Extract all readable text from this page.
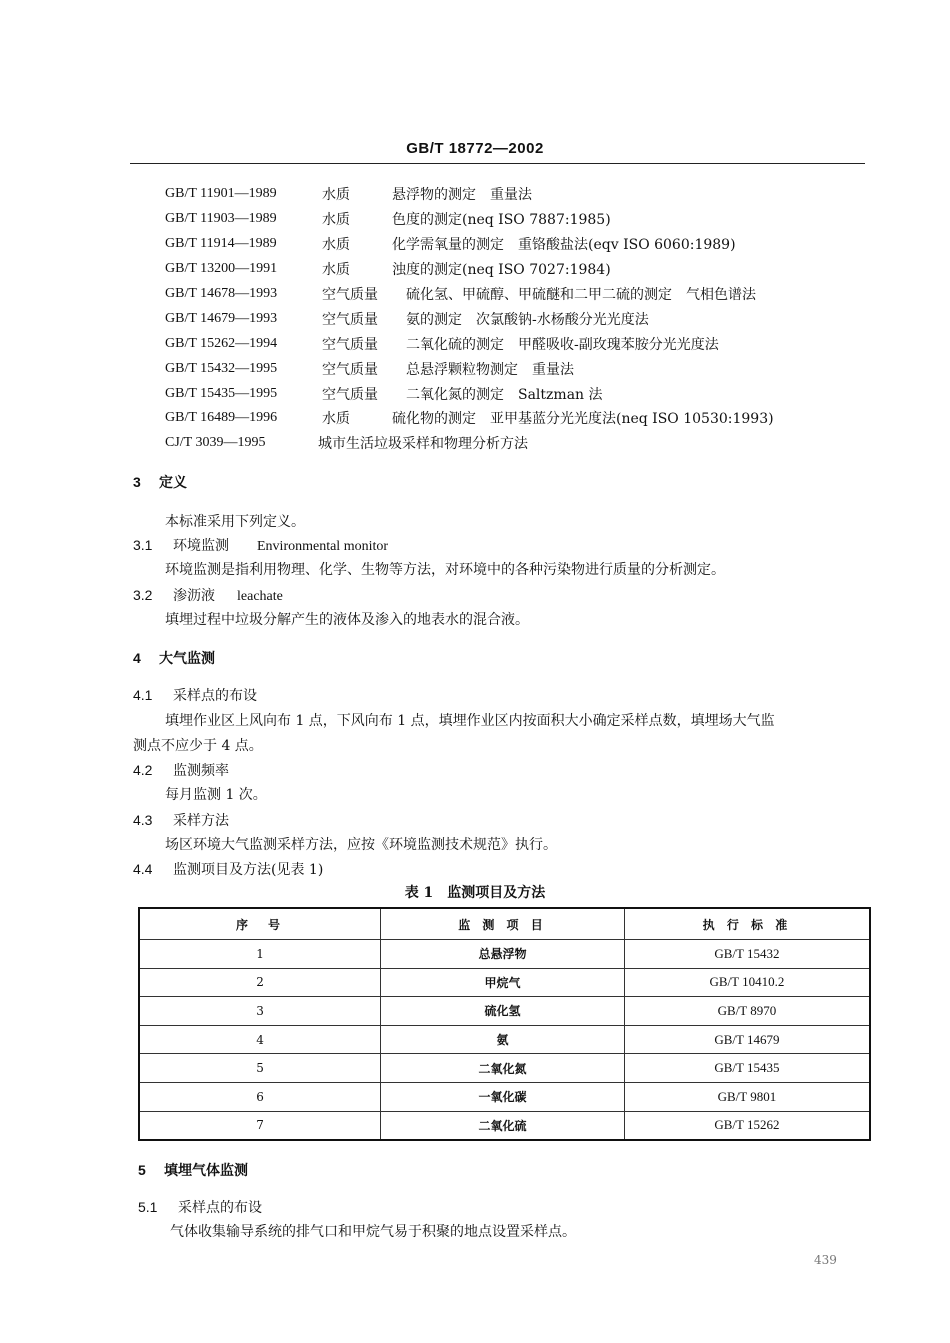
GB/T 18772—2002
GB/T 11901—1989	水质	悬浮物的测定　重量法
GB/T 11903—1989	水质	色度的测定(neq ISO 7887:1985)
GB/T 11914—1989	水质	化学需氧量的测定　重铬酸盐法(eqv ISO 6060:1989)
GB/T 13200—1991	水质	浊度的测定(neq ISO 7027:1984)
GB/T 14678—1993	空气质量	硫化氢、甲硫醇、甲硫醚和二甲二硫的测定　气相色谱法
GB/T 14679—1993	空气质量	氨的测定　次氯酸钠-水杨酸分光光度法
GB/T 15262—1994	空气质量	二氧化硫的测定　甲醛吸收-副玫瑰苯胺分光光度法
GB/T 15432—1995	空气质量	总悬浮颗粒物测定　重量法
GB/T 15435—1995	空气质量	二氧化氮的测定　Saltzman 法
GB/T 16489—1996	水质	硫化物的测定　亚甲基蓝分光光度法(neq ISO 10530:1993)
CJ/T 3039—1995	城市生活垃圾采样和物理分析方法
3 定义
本标准采用下列定义。
3.1 环境监测 Environmental monitor
环境监测是指利用物理、化学、生物等方法，对环境中的各种污染物进行质量的分析测定。
3.2 渗沥液 leachate
填埋过程中垃圾分解产生的液体及渗入的地表水的混合液。
4 大气监测
4.1 采样点的布设
填埋作业区上风向布 1 点，下风向布 1 点，填埋作业区内按面积大小确定采样点数，填埋场大气监
测点不应少于 4 点。
4.2 监测频率
每月监测 1 次。
4.3 采样方法
场区环境大气监测采样方法，应按《环境监测技术规范》执行。
4.4 监测项目及方法(见表 1)
表 1　监测项目及方法
序　号	监 测 项 目	执 行 标 准
1	总悬浮物	GB/T 15432
2	甲烷气	GB/T 10410.2
3	硫化氢	GB/T 8970
4	氨	GB/T 14679
5	二氧化氮	GB/T 15435
6	一氧化碳	GB/T 9801
7	二氧化硫	GB/T 15262
5 填埋气体监测
5.1 采样点的布设
气体收集输导系统的排气口和甲烷气易于积聚的地点设置采样点。
439
